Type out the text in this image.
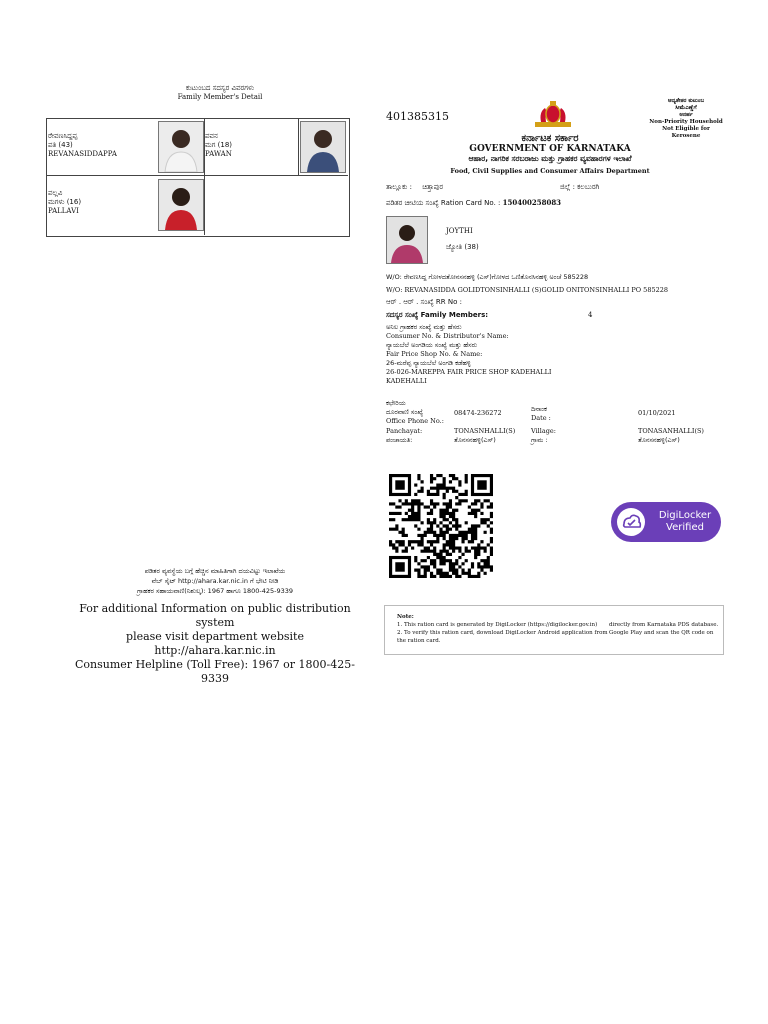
ಕುಟುಂಬದ ಸದಸ್ಯರ ವಿವರಗಳು
Family Member's Detail
ರೇವಣಸಿದ್ದಪ್ಪ
ಪತಿ (43)
REVANASIDDAPPA
ಪವನ
ಮಗ (18)
PAWAN
ಪಲ್ಲವಿ
ಮಗಳು (16)
PALLAVI
401385315
ಆದ್ಯತೇತರ ಕುಟುಂಬ
ಸೀಮೆಎಣ್ಣೆಗೆ
ಅನರ್ಹ
Non-Priority Household
Not Eligible for Kerosene
ಕರ್ನಾಟಕ ಸರ್ಕಾರ
GOVERNMENT OF KARNATAKA
ಆಹಾರ, ನಾಗರಿಕ ಸರಬರಾಜು ಮತ್ತು ಗ್ರಾಹಕರ ವ್ಯವಹಾರಗಳ ಇಲಾಖೆ
Food, Civil Supplies and Consumer Affairs Department
ತಾಲ್ಲೂಕು : ಚಿತ್ತಾಪುರ	ಜಿಲ್ಲೆ : ಕಲಬುರಗಿ
ಪಡಿತರ ಚೀಟಿಯ ಸಂಖ್ಯೆ Ration Card No. : 150400258083
JOYTHI
ಜ್ಯೋತಿ (38)
W/O: ರೇವಣಸಿದ್ದ ಗೋಳದತೋನಸನಹಳ್ಳಿ (ಎಸ್)ಗೋಳದ ಒಣಿತೊನಸಿನಹಳ್ಳಿ ಅಂಚೆ 585228
W/O: REVANASIDDA GOLIDTONSINHALLI (S)GOLID ONITONSINHALLI PO 585228
ಆರ್ . ಆರ್ . ಸಂಖ್ಯೆ RR No :
ಸದಸ್ಯರ ಸಂಖ್ಯೆ Family Members:	4
ಅನಿಲ ಗ್ರಾಹಕರ ಸಂಖ್ಯೆ ಮತ್ತು ಹೆಸರು
Consumer No. & Distributor's Name:
ನ್ಯಾಯಬೆಲೆ ಅಂಗಡಿಯ ಸಂಖ್ಯೆ ಮತ್ತು ಹೆಸರು
Fair Price Shop No. & Name:
26-ಮರೆಪ್ಪ ನ್ಯಾಯಬೆಲೆ ಅಂಗಡಿ ಕಡೆಹಳ್ಳಿ
26-026-MAREPPA FAIR PRICE SHOP KADEHALLI
KADEHALLI
ಕಛೇರಿಯ
ದೂರವಾಣಿ ಸಂಖ್ಯೆ
Office Phone No.:
08474-236272	ದಿನಾಂಕ
Date :
01/10/2021
Panchayat:
ಪಂಚಾಯತಿ:
TONASNHALLI(S)
ತೊನಸನಹಳ್ಳಿ(ಎಸ್)
Village:
ಗ್ರಾಮ :
TONASANHALLI(S)
ತೊನಸನಹಳ್ಳಿ(ಎಸ್)
DigiLocker
Verified
Note:
1. This ration card is generated by DigiLocker (https://digilocker.gov.in) directly from Karnataka PDS database.
2. To verify this ration card, download DigiLocker Android application from Google Play and scan the QR code on
the ration card.
ಪಡಿತರ ವ್ಯವಸ್ಥೆಯ ಬಗ್ಗೆ ಹೆಚ್ಚಿನ ಮಾಹಿತಿಗಾಗಿ ದಯವಿಟ್ಟು ಇಲಾಖೆಯ
ವೆಬ್ ಸೈಟ್ http://ahara.kar.nic.in ಗೆ ಭೇಟಿ ನೀಡಿ
ಗ್ರಾಹಕರ ಸಹಾಯವಾಣಿ(ನಿಶುಲ್ಕ): 1967 ಹಾಗೂ 1800-425-9339
For additional Information on public distribution system
please visit department website http://ahara.kar.nic.in
Consumer Helpline (Toll Free): 1967 or 1800-425-9339
